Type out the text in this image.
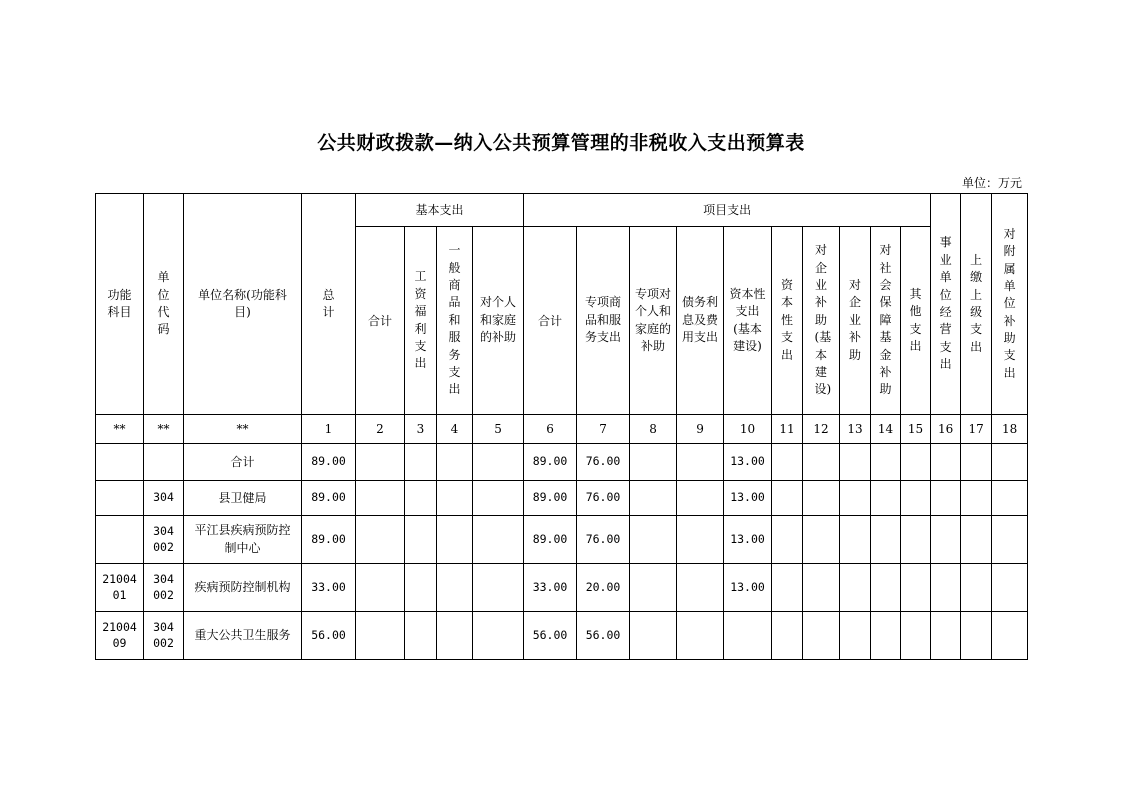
公共财政拨款—纳入公共预算管理的非税收入支出预算表
单位：万元
功能科目	单位代码	单位名称(功能科目)	总计	基本支出				项目支出										事业单位经营支出	上缴上级支出	对附属单位补助支出
				合计	工资福利支出	一般商品和服务支出	对个人和家庭的补助	合计	专项商品和服务支出	专项对个人和家庭的补助	债务利息及费用支出	资本性支出(基本建设)	资本性支出	对企业补助(基本建设)	对企业补助	对社会保障基金补助	其他支出			
**	**	**	1	2	3	4	5	6	7	8	9	10	11	12	13	14	15	16	17	18
		合计	89.00					89.00	76.00			13.00								
	304	县卫健局	89.00					89.00	76.00			13.00								
	304 002	平江县疾病预防控制中心	89.00					89.00	76.00			13.00								
21004 01	304 002	疾病预防控制机构	33.00					33.00	20.00			13.00								
21004 09	304 002	重大公共卫生服务	56.00					56.00	56.00											
